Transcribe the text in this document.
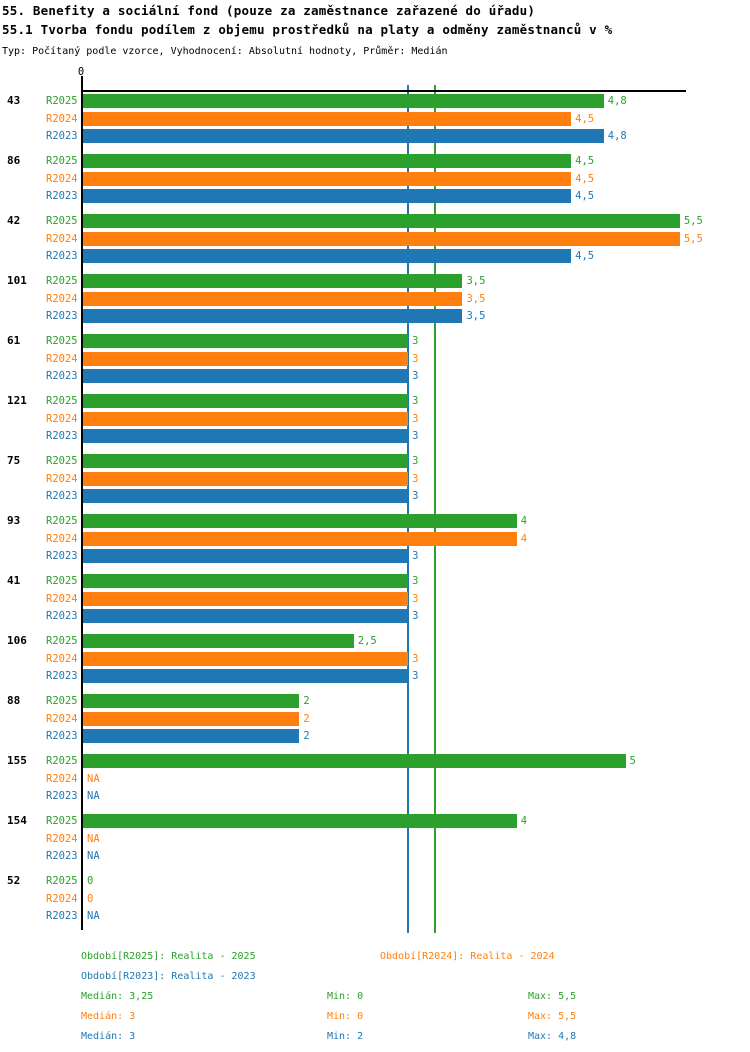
55. Benefity a sociální fond (pouze za zaměstnance zařazené do úřadu)
55.1 Tvorba fondu podílem z objemu prostředků na platy a odměny zaměstnanců v %
Typ: Počítaný podle vzorce, Vyhodnocení: Absolutní hodnoty, Průměr: Medián
0
43 R2025	4,8
R2024	4,5
R2023	4,8
86 R2025	4,5
R2024	4,5
R2023	4,5
42 R2025	5,5
R2024	5,5
R2023	4,5
101 R2025	3,5
R2024	3,5
R2023	3,5
61 R2025	3
R2024	3
R2023	3
121 R2025	3
R2024	3
R2023	3
75 R2025	3
R2024	3
R2023	3
93 R2025	4
R2024	4
R2023	3
41 R2025	3
R2024	3
R2023	3
106 R2025	2,5
R2024	3
R2023	3
88 R2025	2
R2024	2
R2023	2
155 R2025	5
R2024 NA
R2023 NA
154 R2025	4
R2024 NA
R2023 NA
52 R2025 0
R2024 0
R2023 NA
Období[R2025]: Realita - 2025	Období[R2024]: Realita - 2024
Období[R2023]: Realita - 2023
Medián: 3,25	Min: 0	Max: 5,5
Medián: 3	Min: 0	Max: 5,5
Medián: 3	Min: 2	Max: 4,8
